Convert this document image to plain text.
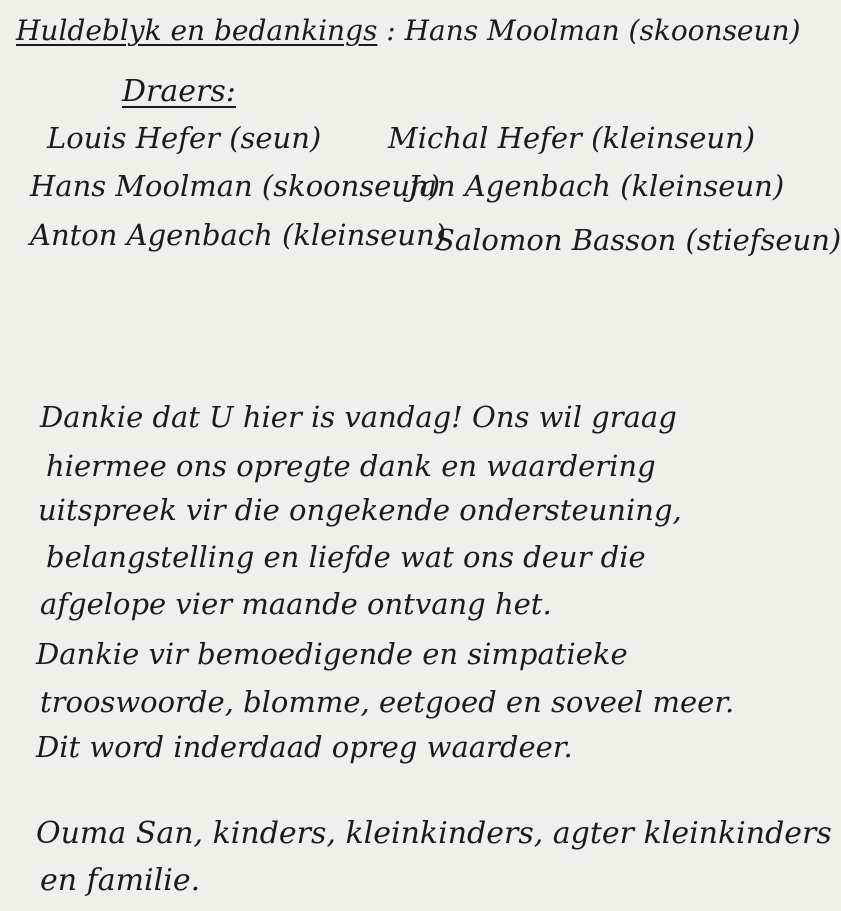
Huldeblyk en bedankings : Hans Moolman (skoonseun)
Draers:
Louis Hefer (seun) Michal Hefer (kleinseun)
Hans Moolman (skoonseun)
Jan Agenbach (kleinseun)
Anton Agenbach (kleinseun)
Salomon Basson (stiefseun)
Dankie dat U hier is vandag! Ons wil graag
hiermee ons opregte dank en waardering
uitspreek vir die ongekende ondersteuning,
belangstelling en liefde wat ons deur die
afgelope vier maande ontvang het.
Dankie vir bemoedigende en simpatieke
trooswoorde, blomme, eetgoed en soveel meer.
Dit word inderdaad opreg waardeer.
Ouma San, kinders, kleinkinders, agter kleinkinders
en familie.
